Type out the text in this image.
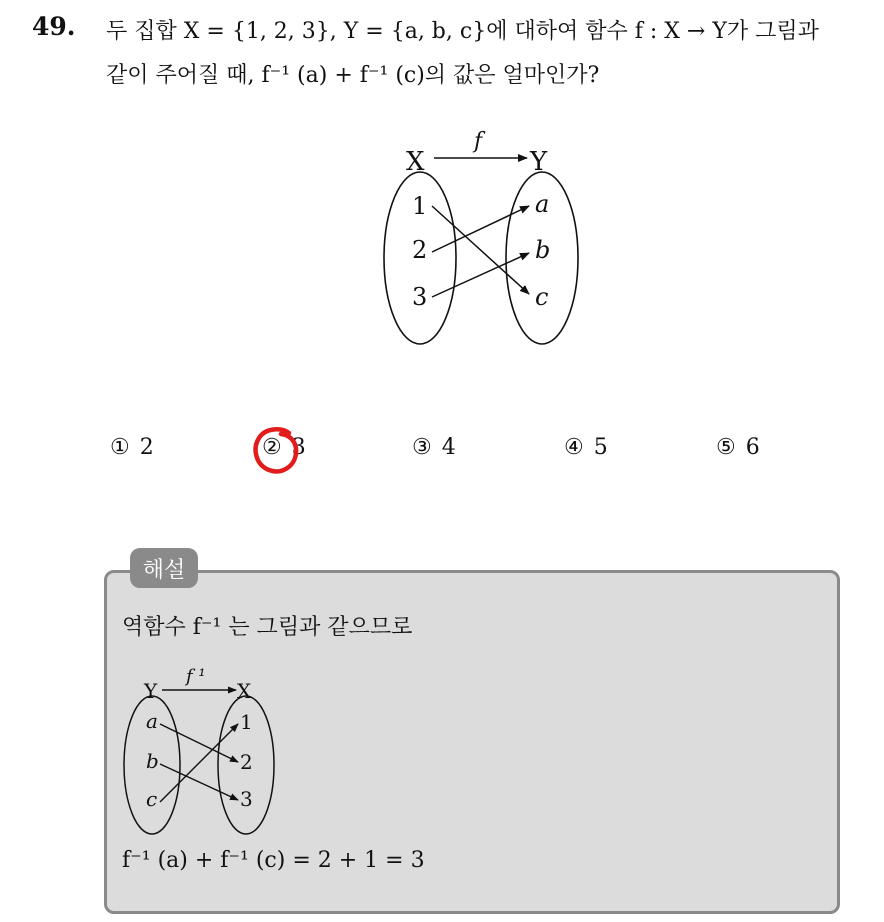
49. 두 집합 X = {1, 2, 3}, Y = {a, b, c}에 대하여 함수 f : X → Y가 그림과
같이 주어질 때, f⁻¹ (a) + f⁻¹ (c)의 값은 얼마인가?
X	Y
f
1
2
3
a
b
c
① 2	② 3	③ 4	④ 5	⑤ 6
해설
역함수 f⁻¹ 는 그림과 같으므로
Y	X
f ¹
a
b
c
1
2
3
f⁻¹ (a) + f⁻¹ (c) = 2 + 1 = 3
